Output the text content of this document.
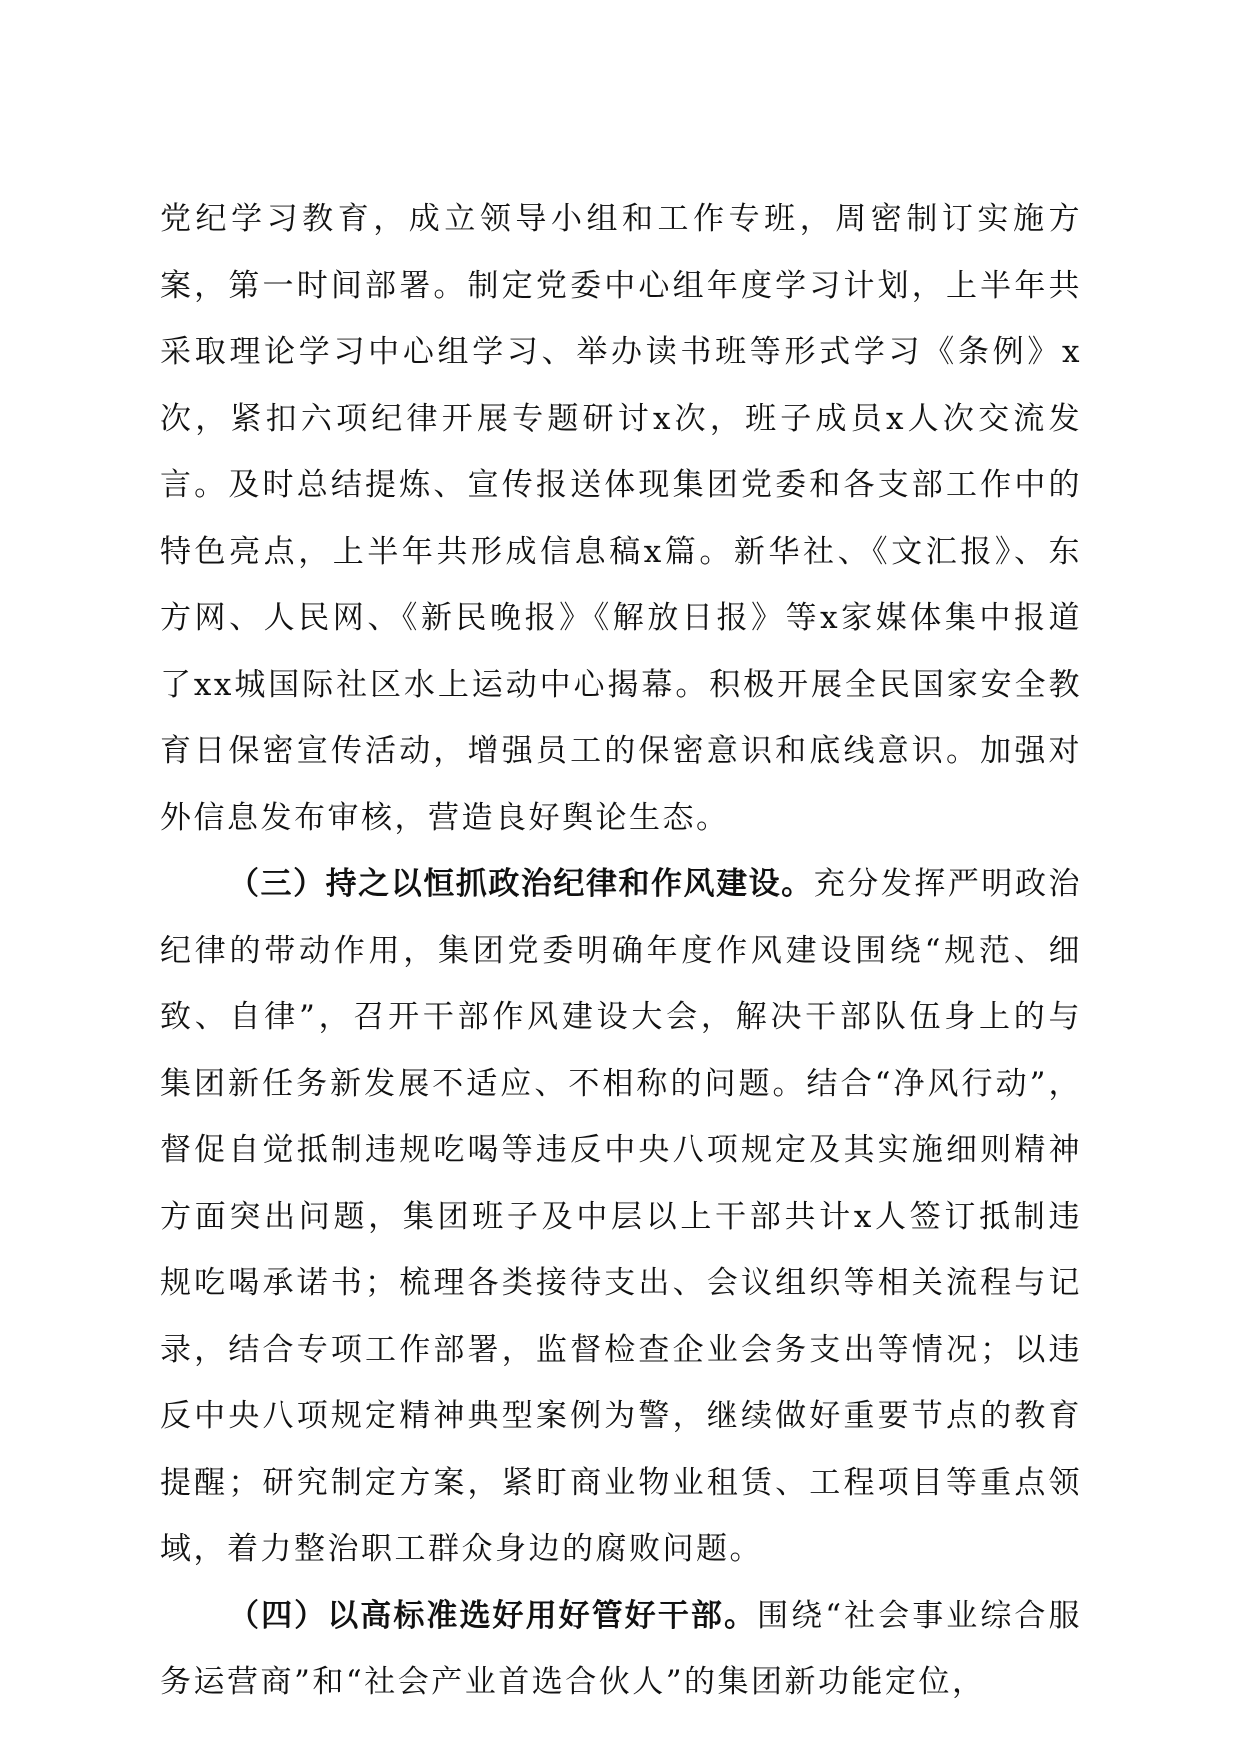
党纪学习教育，成立领导小组和工作专班，周密制订实施方案，第一时间部署。制定党委中心组年度学习计划，上半年共采取理论学习中心组学习、举办读书班等形式学习《条例》x次，紧扣六项纪律开展专题研讨x次，班子成员x人次交流发言。及时总结提炼、宣传报送体现集团党委和各支部工作中的特色亮点，上半年共形成信息稿x篇。新华社、《文汇报》、东方网、人民网、《新民晚报》《解放日报》等x家媒体集中报道了xx城国际社区水上运动中心揭幕。积极开展全民国家安全教育日保密宣传活动，增强员工的保密意识和底线意识。加强对外信息发布审核，营造良好舆论生态。

（三）持之以恒抓政治纪律和作风建设。充分发挥严明政治纪律的带动作用，集团党委明确年度作风建设围绕“规范、细致、自律”，召开干部作风建设大会，解决干部队伍身上的与集团新任务新发展不适应、不相称的问题。结合“净风行动”，督促自觉抵制违规吃喝等违反中央八项规定及其实施细则精神方面突出问题，集团班子及中层以上干部共计x人签订抵制违规吃喝承诺书；梳理各类接待支出、会议组织等相关流程与记录，结合专项工作部署，监督检查企业会务支出等情况；以违反中央八项规定精神典型案例为警，继续做好重要节点的教育提醒；研究制定方案，紧盯商业物业租赁、工程项目等重点领域，着力整治职工群众身边的腐败问题。

（四）以高标准选好用好管好干部。围绕“社会事业综合服务运营商”和“社会产业首选合伙人”的集团新功能定位，
